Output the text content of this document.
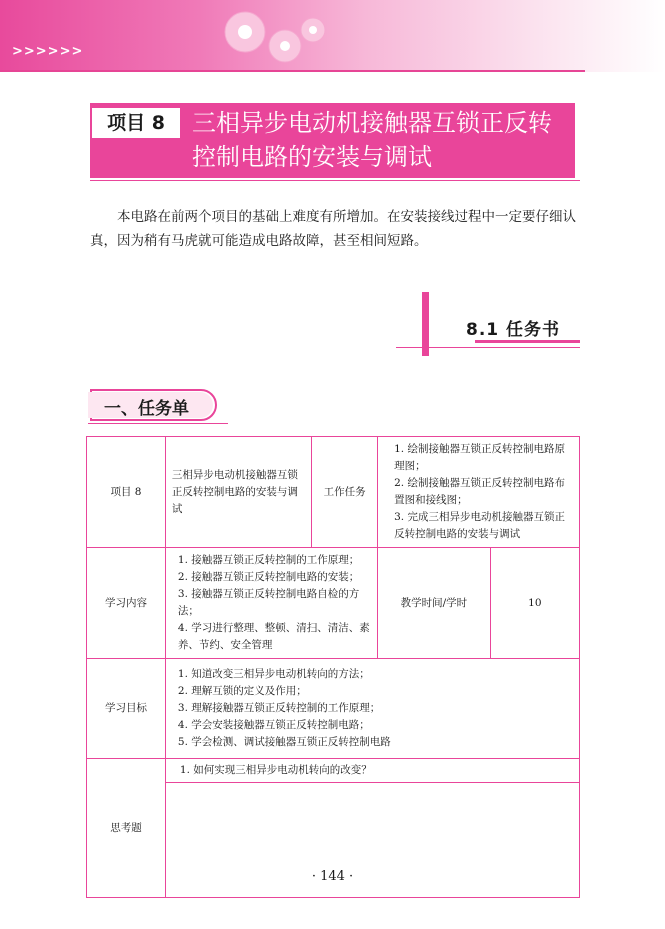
>>>>>>
项目 8	三相异步电动机接触器互锁正反转控制电路的安装与调试
本电路在前两个项目的基础上难度有所增加。在安装接线过程中一定要仔细认真，因为稍有马虎就可能造成电路故障，甚至相间短路。
8.1 任务书
一、任务单
项目 8	三相异步电动机接触器互锁正反转控制电路的安装与调试	工作任务	1. 绘制接触器互锁正反转控制电路原理图；
2. 绘制接触器互锁正反转控制电路布置图和接线图；
3. 完成三相异步电动机接触器互锁正反转控制电路的安装与调试	

学习内容	1. 接触器互锁正反转控制的工作原理；
2. 接触器互锁正反转控制电路的安装；
3. 接触器互锁正反转控制电路自检的方法；
4. 学习进行整理、整顿、清扫、清洁、素养、节约、安全管理		教学时间/学时	10
学习目标	1. 知道改变三相异步电动机转向的方法；
2. 理解互锁的定义及作用；
3. 理解接触器互锁正反转控制的工作原理；
4. 学会安装接触器互锁正反转控制电路；
5. 学会检测、调试接触器互锁正反转控制电路			

思考题	1. 如何实现三相异步电动机转向的改变？			
· 144 ·
